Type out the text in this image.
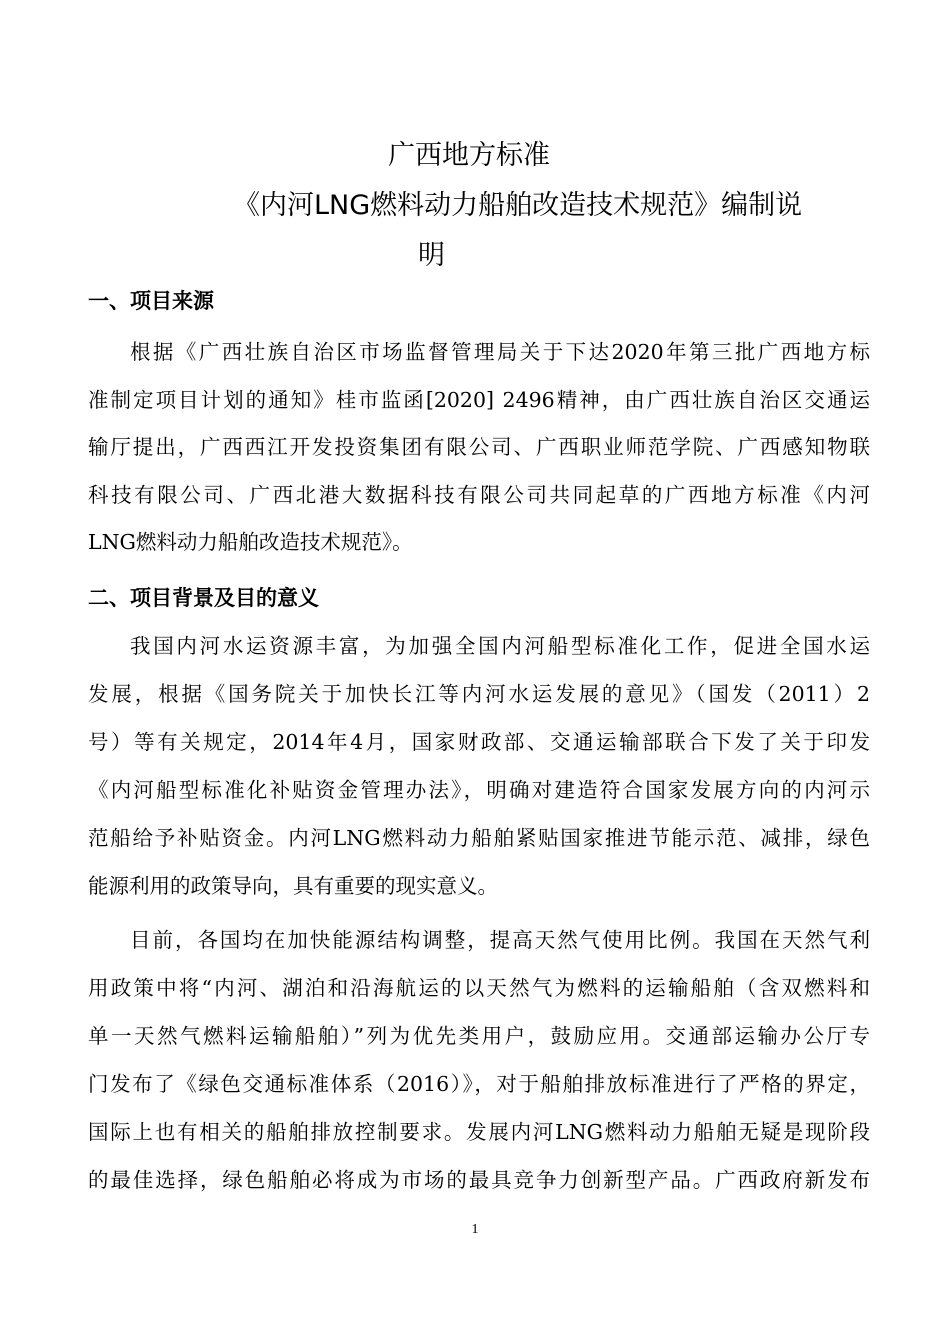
广西地方标准
《内河LNG燃料动力船舶改造技术规范》编制说
明
一、项目来源
根据《广西壮族自治区市场监督管理局关于下达2020年第三批广西地方标
准制定项目计划的通知》桂市监函[2020] 2496精神，由广西壮族自治区交通运
输厅提出，广西西江开发投资集团有限公司、广西职业师范学院、广西感知物联
科技有限公司、广西北港大数据科技有限公司共同起草的广西地方标准《内河
LNG燃料动力船舶改造技术规范》。
二、项目背景及目的意义
我国内河水运资源丰富，为加强全国内河船型标准化工作，促进全国水运
发展，根据《国务院关于加快长江等内河水运发展的意见》（国发（2011）2
号）等有关规定，2014年4月，国家财政部、交通运输部联合下发了关于印发
《内河船型标准化补贴资金管理办法》，明确对建造符合国家发展方向的内河示
范船给予补贴资金。内河LNG燃料动力船舶紧贴国家推进节能示范、减排，绿色
能源利用的政策导向，具有重要的现实意义。
目前，各国均在加快能源结构调整，提高天然气使用比例。我国在天然气利
用政策中将“内河、湖泊和沿海航运的以天然气为燃料的运输船舶（含双燃料和
单一天然气燃料运输船舶）”列为优先类用户，鼓励应用。交通部运输办公厅专
门发布了《绿色交通标准体系（2016）》，对于船舶排放标准进行了严格的界定，
国际上也有相关的船舶排放控制要求。发展内河LNG燃料动力船舶无疑是现阶段
的最佳选择，绿色船舶必将成为市场的最具竞争力创新型产品。广西政府新发布
1
